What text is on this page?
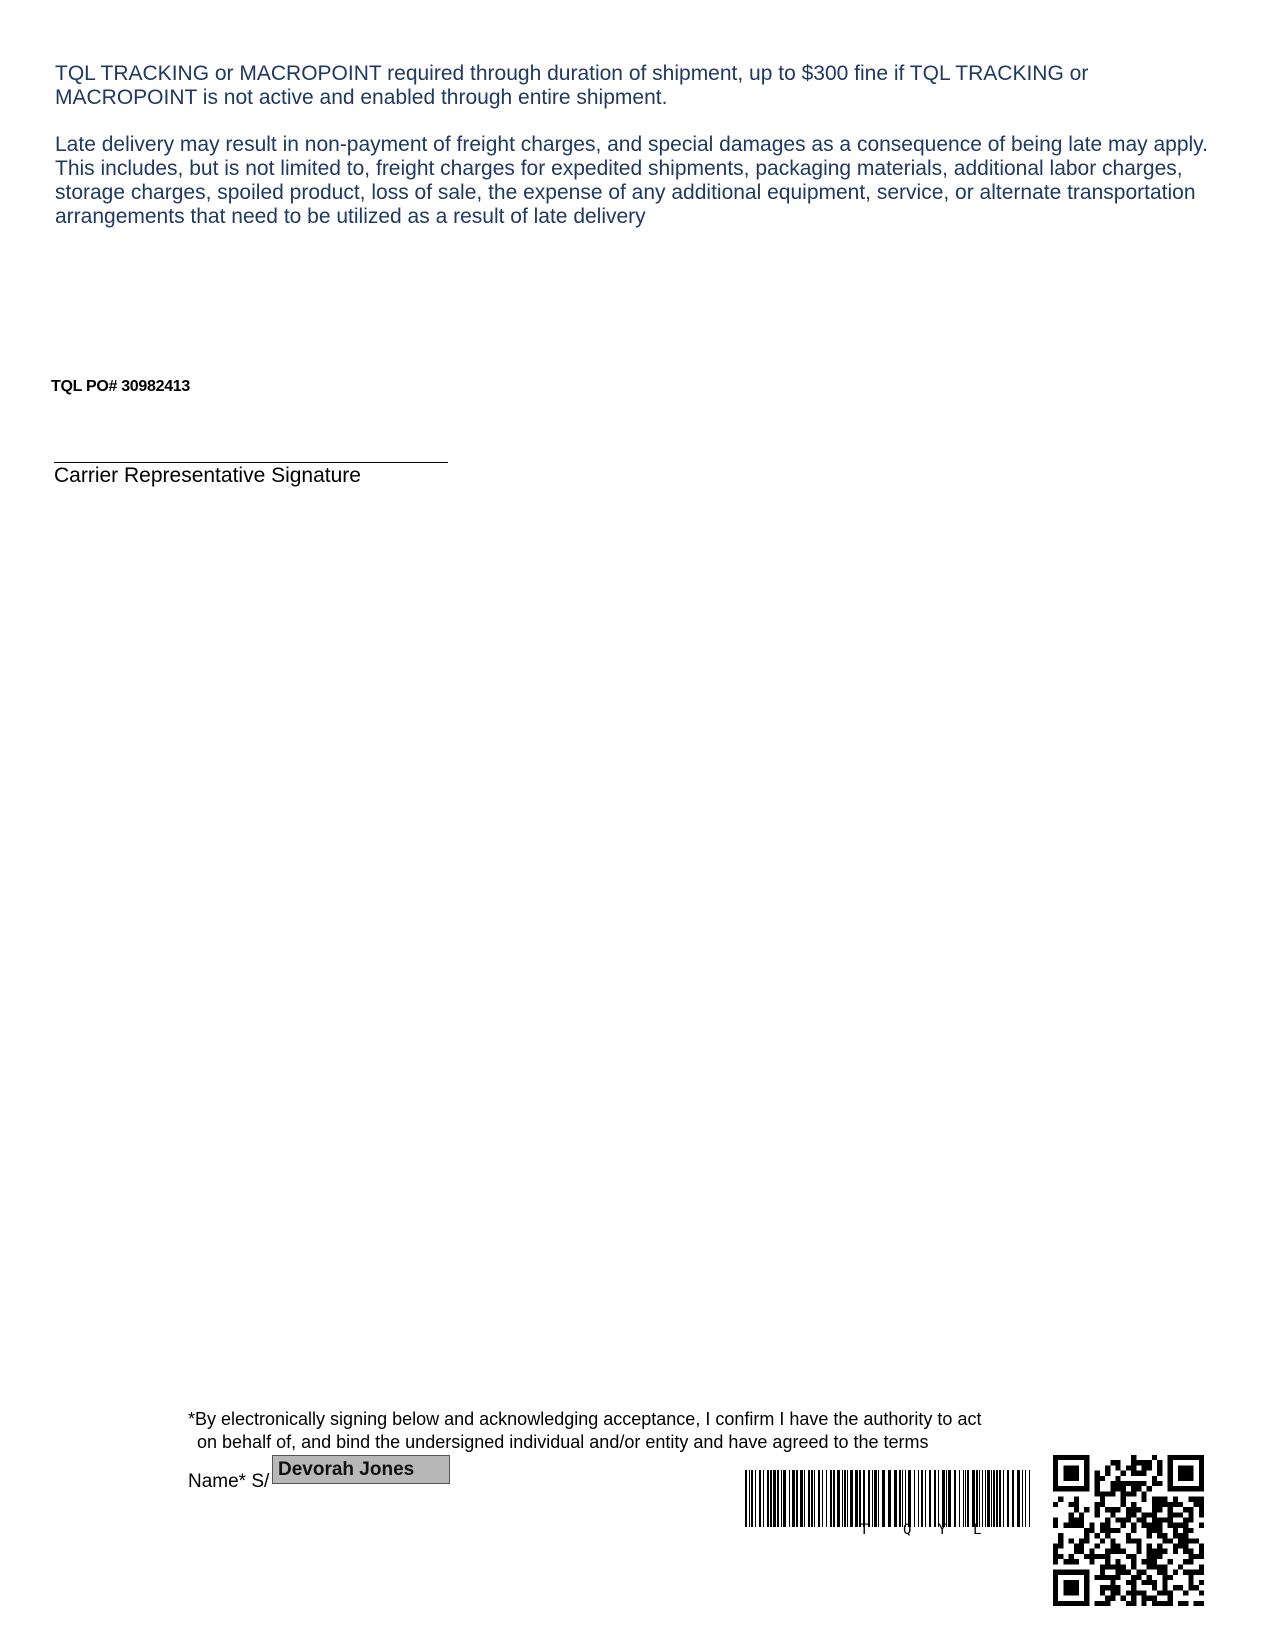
TQL TRACKING or MACROPOINT required through duration of shipment, up to $300 fine if TQL TRACKING or MACROPOINT is not active and enabled through entire shipment.
Late delivery may result in non-payment of freight charges, and special damages as a consequence of being late may apply. This includes, but is not limited to, freight charges for expedited shipments, packaging materials, additional labor charges, storage charges, spoiled product, loss of sale, the expense of any additional equipment, service, or alternate transportation arrangements that need to be utilized as a result of late delivery
TQL PO# 30982413
Carrier Representative Signature
*By electronically signing below and acknowledging acceptance, I confirm I have the authority to act
on behalf of, and bind the undersigned individual and/or entity and have agreed to the terms
Name* S/
Devorah Jones
T Q Y L
